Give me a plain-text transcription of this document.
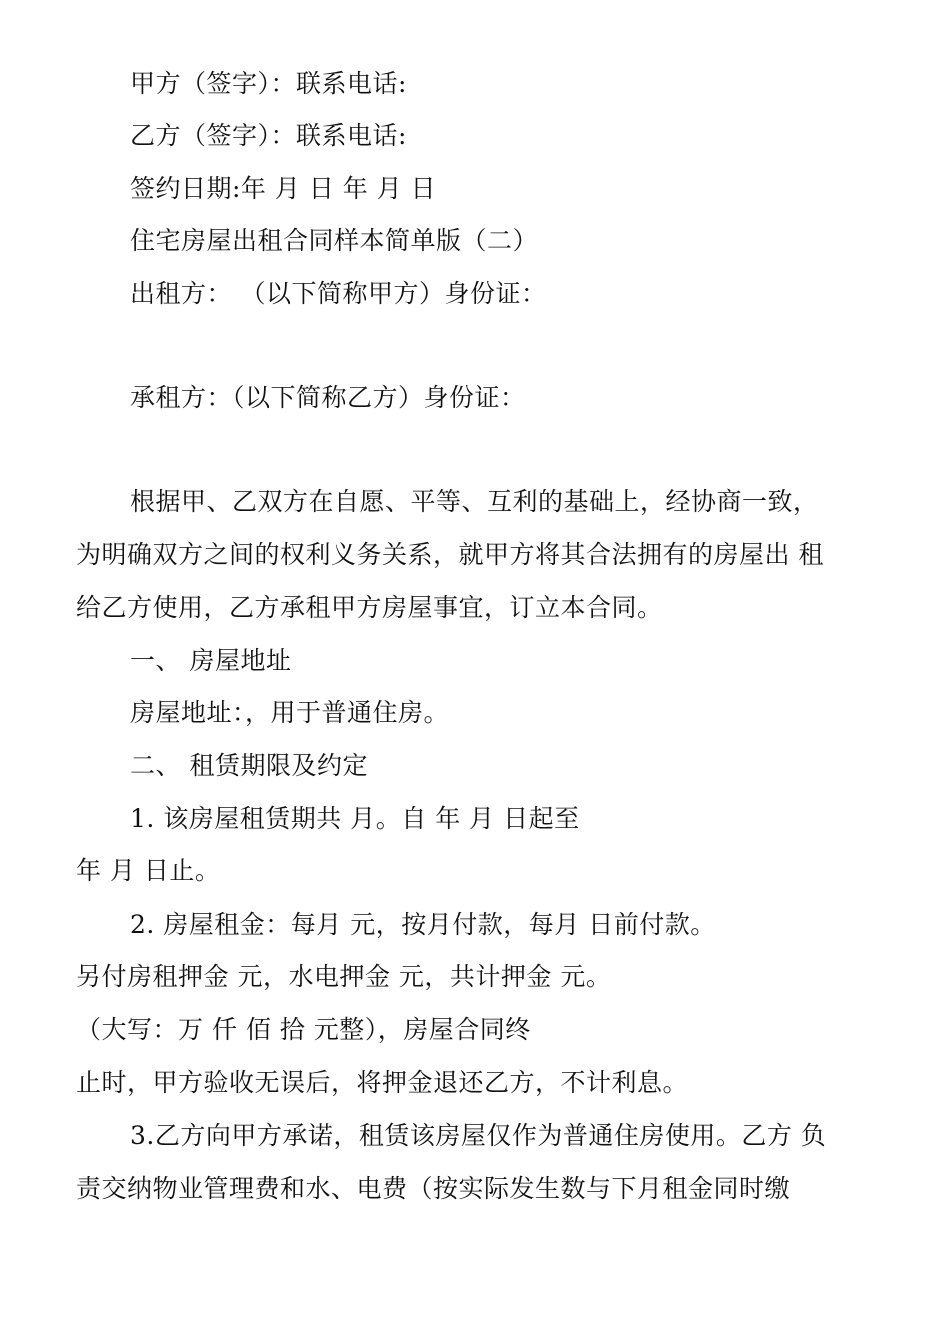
甲方（签字）：联系电话:
乙方（签字）：联系电话:
签约日期:年 月 日 年 月 日
住宅房屋出租合同样本简单版（二）
出租方： （以下简称甲方）身份证：
承租方：（以下简称乙方）身份证：
根据甲、乙双方在自愿、平等、互利的基础上，经协商一致，
为明确双方之间的权利义务关系，就甲方将其合法拥有的房屋出 租
给乙方使用，乙方承租甲方房屋事宜，订立本合同。
一、 房屋地址
房屋地址：，用于普通住房。
二、 租赁期限及约定
1. 该房屋租赁期共 月。自 年 月 日起至
年 月 日止。
2. 房屋租金：每月 元，按月付款，每月 日前付款。
另付房租押金 元，水电押金 元，共计押金 元。
（大写：万 仟 佰 拾 元整），房屋合同终
止时，甲方验收无误后，将押金退还乙方，不计利息。
3.乙方向甲方承诺，租赁该房屋仅作为普通住房使用。乙方 负
责交纳物业管理费和水、电费（按实际发生数与下月租金同时缴
